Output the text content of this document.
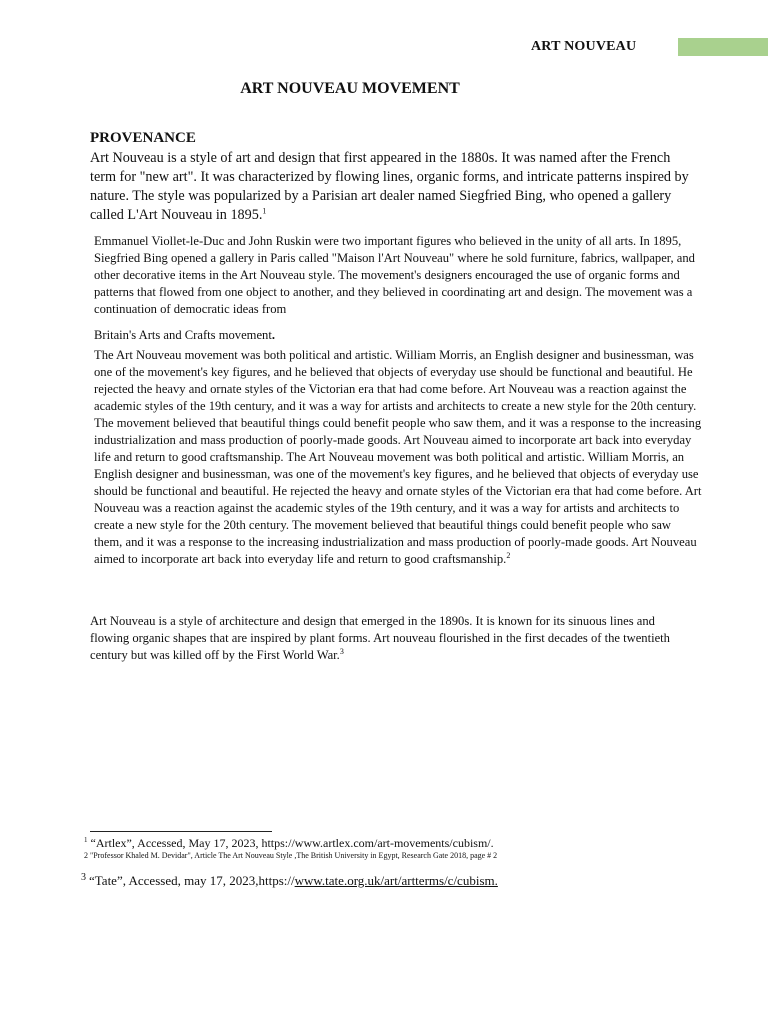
ART NOUVEAU
ART NOUVEAU MOVEMENT
PROVENANCE

Art Nouveau is a style of art and design that first appeared in the 1880s. It was named after the French term for "new art". It was characterized by flowing lines, organic forms, and intricate patterns inspired by nature. The style was popularized by a Parisian art dealer named Siegfried Bing, who opened a gallery called L'Art Nouveau in 1895.$^1$

Emmanuel Viollet-le-Duc and John Ruskin were two important figures who believed in the unity of all arts. In 1895, Siegfried Bing opened a gallery in Paris called "Maison l'Art Nouveau" where he sold furniture, fabrics, wallpaper, and other decorative items in the Art Nouveau style. The movement's designers encouraged the use of organic forms and patterns that flowed from one object to another, and they believed in coordinating art and design. The movement was a continuation of democratic ideas from

Britain's Arts and Crafts movement.

The Art Nouveau movement was both political and artistic. William Morris, an English designer and businessman, was one of the movement's key figures, and he believed that objects of everyday use should be functional and beautiful. He rejected the heavy and ornate styles of the Victorian era that had come before. Art Nouveau was a reaction against the academic styles of the 19th century, and it was a way for artists and architects to create a new style for the 20th century. The movement believed that beautiful things could benefit people who saw them, and it was a response to the increasing industrialization and mass production of poorly-made goods. Art Nouveau aimed to incorporate art back into everyday life and return to good craftsmanship. The Art Nouveau movement was both political and artistic. William Morris, an English designer and businessman, was one of the movement's key figures, and he believed that objects of everyday use should be functional and beautiful. He rejected the heavy and ornate styles of the Victorian era that had come before. Art Nouveau was a reaction against the academic styles of the 19th century, and it was a way for artists and architects to create a new style for the 20th century. The movement believed that beautiful things could benefit people who saw them, and it was a response to the increasing industrialization and mass production of poorly-made goods. Art Nouveau aimed to incorporate art back into everyday life and return to good craftsmanship.$^2$

Art Nouveau is a style of architecture and design that emerged in the 1890s. It is known for its sinuous lines and flowing organic shapes that are inspired by plant forms. Art nouveau flourished in the first decades of the twentieth century but was killed off by the First World War.$^3$

$^1$ “Artlex”, Accessed, May 17, 2023, https://www.artlex.com/art-movements/cubism/.
2 "Professor Khaled M. Devidar", Article The Art Nouveau Style ,The British University in Egypt, Research Gate 2018, page # 2
$^3$ “Tate”, Accessed, may 17, 2023,https://www.tate.org.uk/art/artterms/c/cubism.
